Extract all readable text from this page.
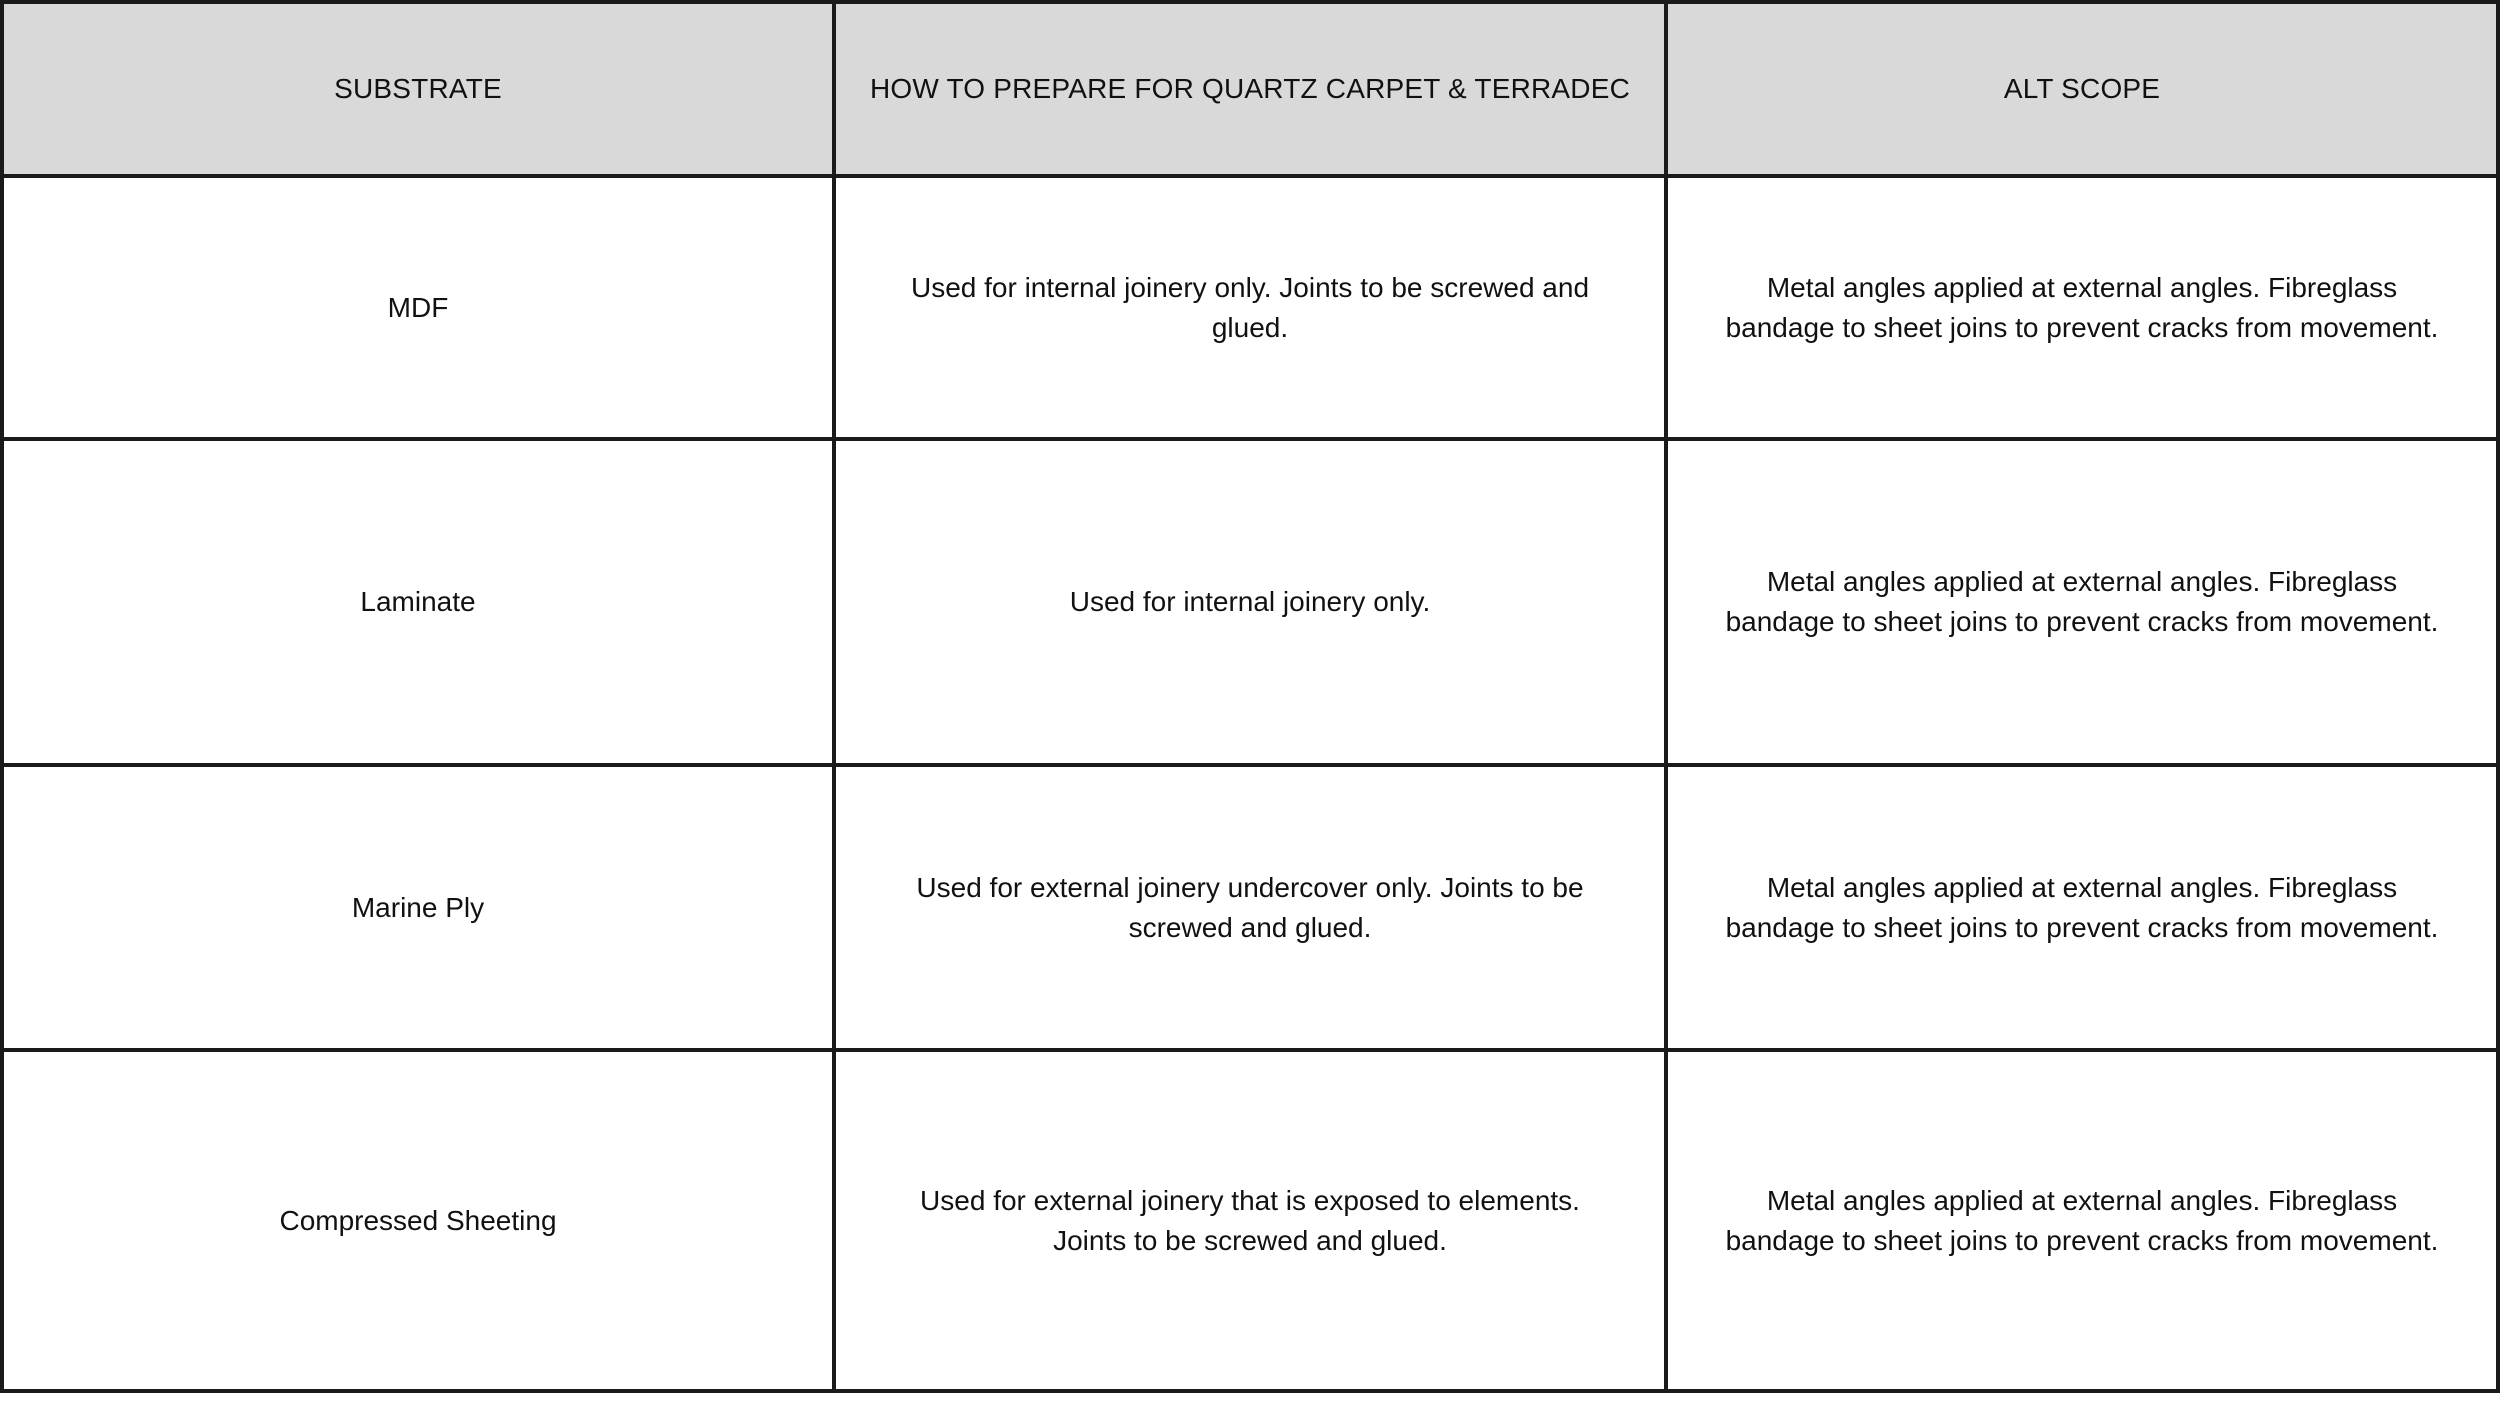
SUBSTRATE	HOW TO PREPARE FOR QUARTZ CARPET & TERRADEC	ALT SCOPE
MDF	Used for internal joinery only. Joints to be screwed and glued.	Metal angles applied at external angles. Fibreglass bandage to sheet joins to prevent cracks from movement.
Laminate	Used for internal joinery only.	Metal angles applied at external angles. Fibreglass bandage to sheet joins to prevent cracks from movement.
Marine Ply	Used for external joinery undercover only. Joints to be screwed and glued.	Metal angles applied at external angles. Fibreglass bandage to sheet joins to prevent cracks from movement.
Compressed Sheeting	Used for external joinery that is exposed to elements. Joints to be screwed and glued.	Metal angles applied at external angles. Fibreglass bandage to sheet joins to prevent cracks from movement.
